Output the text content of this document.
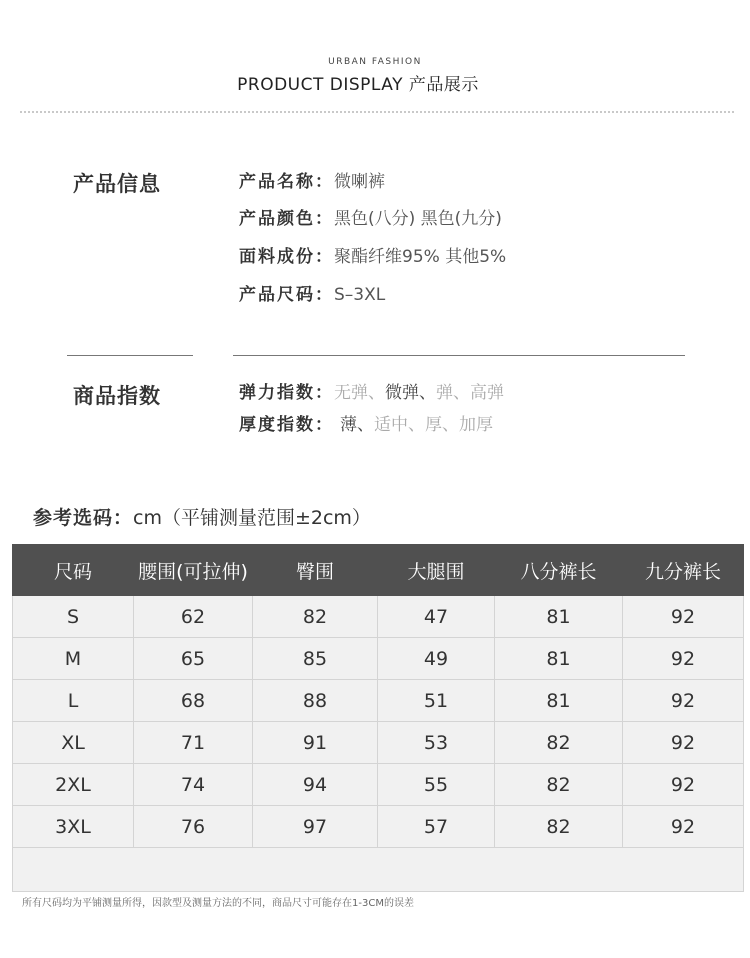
URBAN FASHION
PRODUCT DISPLAY 产品展示
产品信息	产品名称：微喇裤
产品颜色：黑色(八分) 黑色(九分)
面料成份：聚酯纤维95% 其他5%
产品尺码：S–3XL
商品指数	弹力指数：无弹、微弹、弹、高弹
厚度指数： 薄、适中、厚、加厚
参考选码：cm（平铺测量范围±2cm）
尺码	腰围(可拉伸)	臀围	大腿围	八分裤长	九分裤长
S	62	82	47	81	92
M	65	85	49	81	92
L	68	88	51	81	92
XL	71	91	53	82	92
2XL	74	94	55	82	92
3XL	76	97	57	82	92

所有尺码均为平铺测量所得，因款型及测量方法的不同，商品尺寸可能存在1-3CM的误差
